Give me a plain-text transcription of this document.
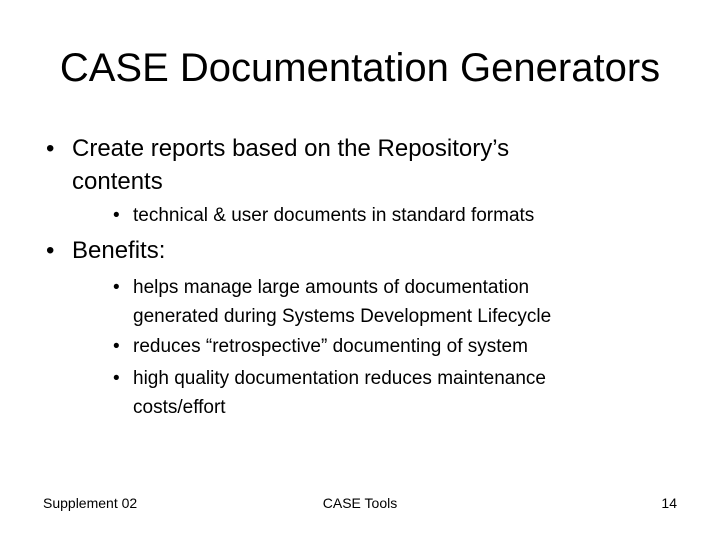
CASE Documentation Generators
• Create reports based on the Repository’s
contents
• technical & user documents in standard formats
• Benefits:
• helps manage large amounts of documentation
generated during Systems Development Lifecycle
• reduces “retrospective” documenting of system
• high quality documentation reduces maintenance
costs/effort
Supplement 02	CASE Tools	14
